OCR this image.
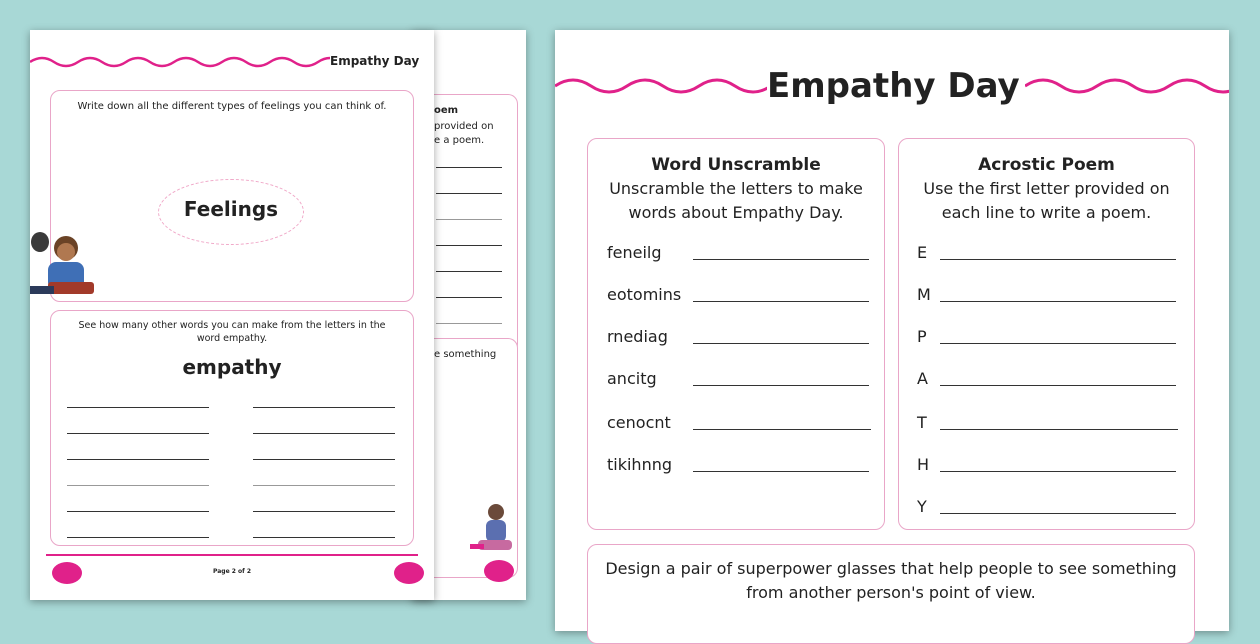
oem
provided on
e a poem.
e something
Empathy Day
Write down all the different types of feelings you can think of.
Feelings
See how many other words you can make from the letters in the
word empathy.
empathy
Page 2 of 2
Empathy Day
Word Unscramble
Unscramble the letters to make
words about Empathy Day.
feneilg
eotomins
rnediag
ancitg
cenocnt
tikihnng
Acrostic Poem
Use the first letter provided on
each line to write a poem.
E
M
P
A
T
H
Y
Design a pair of superpower glasses that help people to see something
from another person's point of view.
